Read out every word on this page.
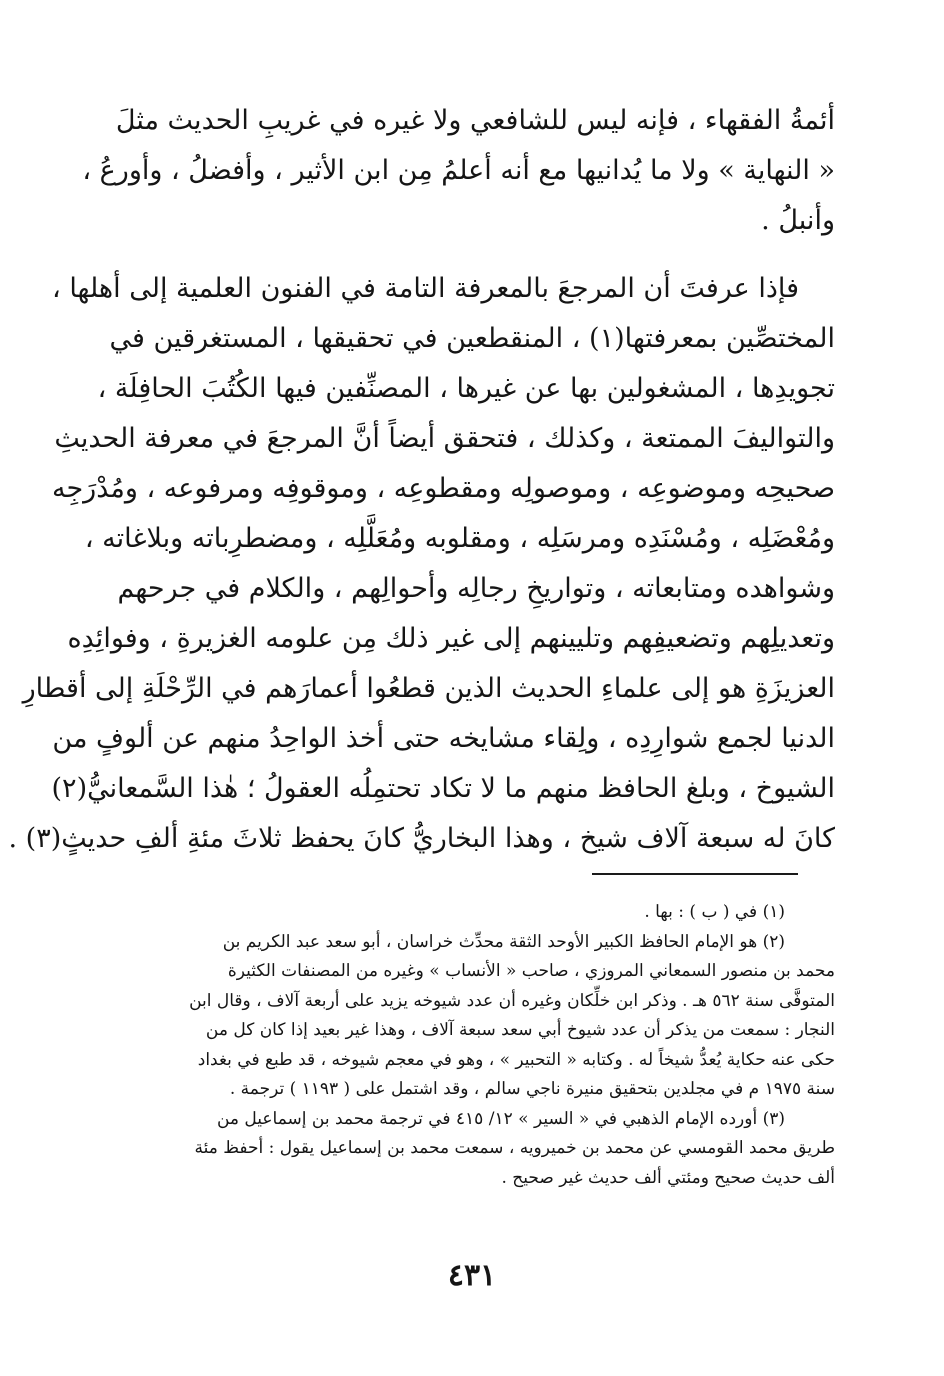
أئمةُ الفقهاء ، فإنه ليس للشافعي ولا غيره في غريبِ الحديث مثلَ
« النهاية » ولا ما يُدانيها مع أنه أعلمُ مِن ابن الأثير ، وأفضلُ ، وأورعُ ،
وأنبلُ .
فإذا عرفتَ أن المرجعَ بالمعرفة التامة في الفنون العلمية إلى أهلها ،
المختصِّين بمعرفتها(١) ، المنقطعين في تحقيقها ، المستغرقين في
تجويدِها ، المشغولين بها عن غيرها ، المصنِّفين فيها الكُتُبَ الحافِلَة ،
والتواليفَ الممتعة ، وكذلك ، فتحقق أيضاً أنَّ المرجعَ في معرفة الحديثِ
صحيحِه وموضوعِه ، وموصولِه ومقطوعِه ، وموقوفِه ومرفوعه ، ومُدْرَجِه
ومُعْضَلِه ، ومُسْنَدِه ومرسَلِه ، ومقلوبه ومُعَلَّلِه ، ومضطرِباته وبلاغاته ،
وشواهده ومتابعاته ، وتواريخِ رجالِه وأحوالِهم ، والكلام في جرحهم
وتعديلِهم وتضعيفِهم وتليينهم إلى غير ذلك مِن علومه الغزيرةِ ، وفوائِدِه
العزيزَةِ هو إلى علماءِ الحديث الذين قطعُوا أعمارَهم في الرِّحْلَةِ إلى أقطارِ
الدنيا لجمع شوارِدِه ، ولِقاء مشايخه حتى أخذ الواحِدُ منهم عن ألوفٍ من
الشيوخ ، وبلغ الحافظ منهم ما لا تكاد تحتمِلُه العقولُ ؛ هٰذا السَّمعانيُّ(٢)
كانَ له سبعة آلاف شيخ ، وهذا البخاريُّ كانَ يحفظ ثلاثَ مئةِ ألفِ حديثٍ(٣) .
(١) في ( ب ) : بها .
(٢) هو الإمام الحافظ الكبير الأوحد الثقة محدِّث خراسان ، أبو سعد عبد الكريم بن
محمد بن منصور السمعاني المروزي ، صاحب « الأنساب » وغيره من المصنفات الكثيرة
المتوفَّى سنة ٥٦٢ هـ . وذكر ابن خلِّكان وغيره أن عدد شيوخه يزيد على أربعة آلاف ، وقال ابن
النجار : سمعت من يذكر أن عدد شيوخ أبي سعد سبعة آلاف ، وهذا غير بعيد إذا كان كل من
حكى عنه حكاية يُعدُّ شيخاً له . وكتابه « التحبير » ، وهو في معجم شيوخه ، قد طبع في بغداد
سنة ١٩٧٥ م في مجلدين بتحقيق منيرة ناجي سالم ، وقد اشتمل على ( ١١٩٣ ) ترجمة .
(٣) أورده الإمام الذهبي في « السير » ١٢/ ٤١٥ في ترجمة محمد بن إسماعيل من
طريق محمد القومسي عن محمد بن خميرويه ، سمعت محمد بن إسماعيل يقول : أحفظ مئة
ألف حديث صحيح ومئتي ألف حديث غير صحيح .
٤٣١
